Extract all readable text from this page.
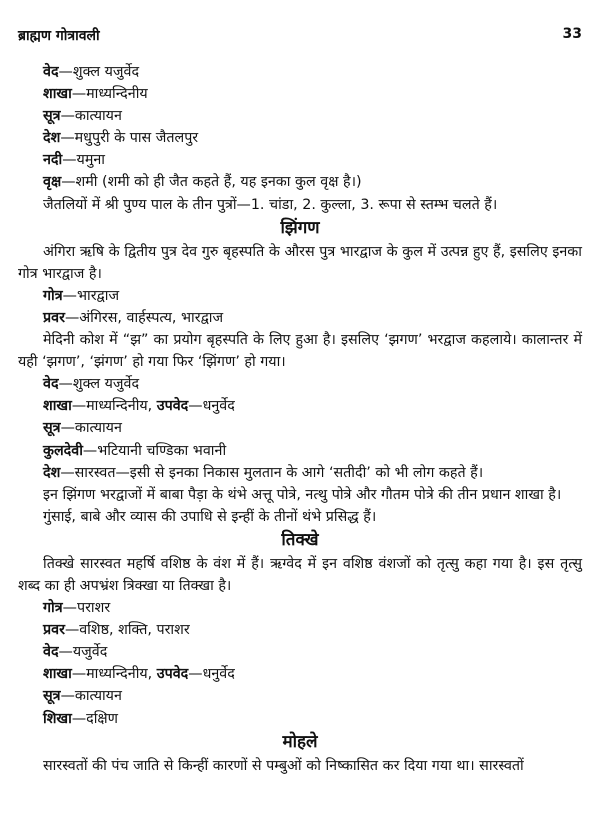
ब्राह्मण गोत्रावली	33
वेद—शुक्ल यजुर्वेद
शाखा—माध्यन्दिनीय
सूत्र—कात्यायन
देश—मधुपुरी के पास जैतलपुर
नदी—यमुना
वृक्ष—शमी (शमी को ही जैत कहते हैं, यह इनका कुल वृक्ष है।)
जैतलियों में श्री पुण्य पाल के तीन पुत्रों—1. चांडा, 2. कुल्ला, 3. रूपा से स्तम्भ चलते हैं।
झिंगण
अंगिरा ऋषि के द्वितीय पुत्र देव गुरु बृहस्पति के औरस पुत्र भारद्वाज के कुल में उत्पन्न हुए हैं, इसलिए इनका गोत्र भारद्वाज है।
गोत्र—भारद्वाज
प्रवर—अंगिरस, वार्हस्पत्य, भारद्वाज
मेदिनी कोश में “झ” का प्रयोग बृहस्पति के लिए हुआ है। इसलिए ‘झगण’ भरद्वाज कहलाये। कालान्तर में यही ‘झगण’, ‘झंगण’ हो गया फिर ‘झिंगण’ हो गया।
वेद—शुक्ल यजुर्वेद
शाखा—माध्यन्दिनीय, उपवेद—धनुर्वेद
सूत्र—कात्यायन
कुलदेवी—भटियानी चण्डिका भवानी
देश—सारस्वत—इसी से इनका निकास मुलतान के आगे ‘सतीदी’ को भी लोग कहते हैं।
इन झिंगण भरद्वाजों में बाबा पैड़ा के थंभे अत्तू पोत्रे, नत्थु पोत्रे और गौतम पोत्रे की तीन प्रधान शाखा है।
गुंसाई, बाबे और व्यास की उपाधि से इन्हीं के तीनों थंभे प्रसिद्ध हैं।
तिक्खे
तिक्खे सारस्वत महर्षि वशिष्ठ के वंश में हैं। ऋग्वेद में इन वशिष्ठ वंशजों को तृत्सु कहा गया है। इस तृत्सु शब्द का ही अपभ्रंश त्रिक्खा या तिक्खा है।
गोत्र—पराशर
प्रवर—वशिष्ठ, शक्ति, पराशर
वेद—यजुर्वेद
शाखा—माध्यन्दिनीय, उपवेद—धनुर्वेद
सूत्र—कात्यायन
शिखा—दक्षिण
मोहले
सारस्वतों की पंच जाति से किन्हीं कारणों से पम्बुओं को निष्कासित कर दिया गया था। सारस्वतों
